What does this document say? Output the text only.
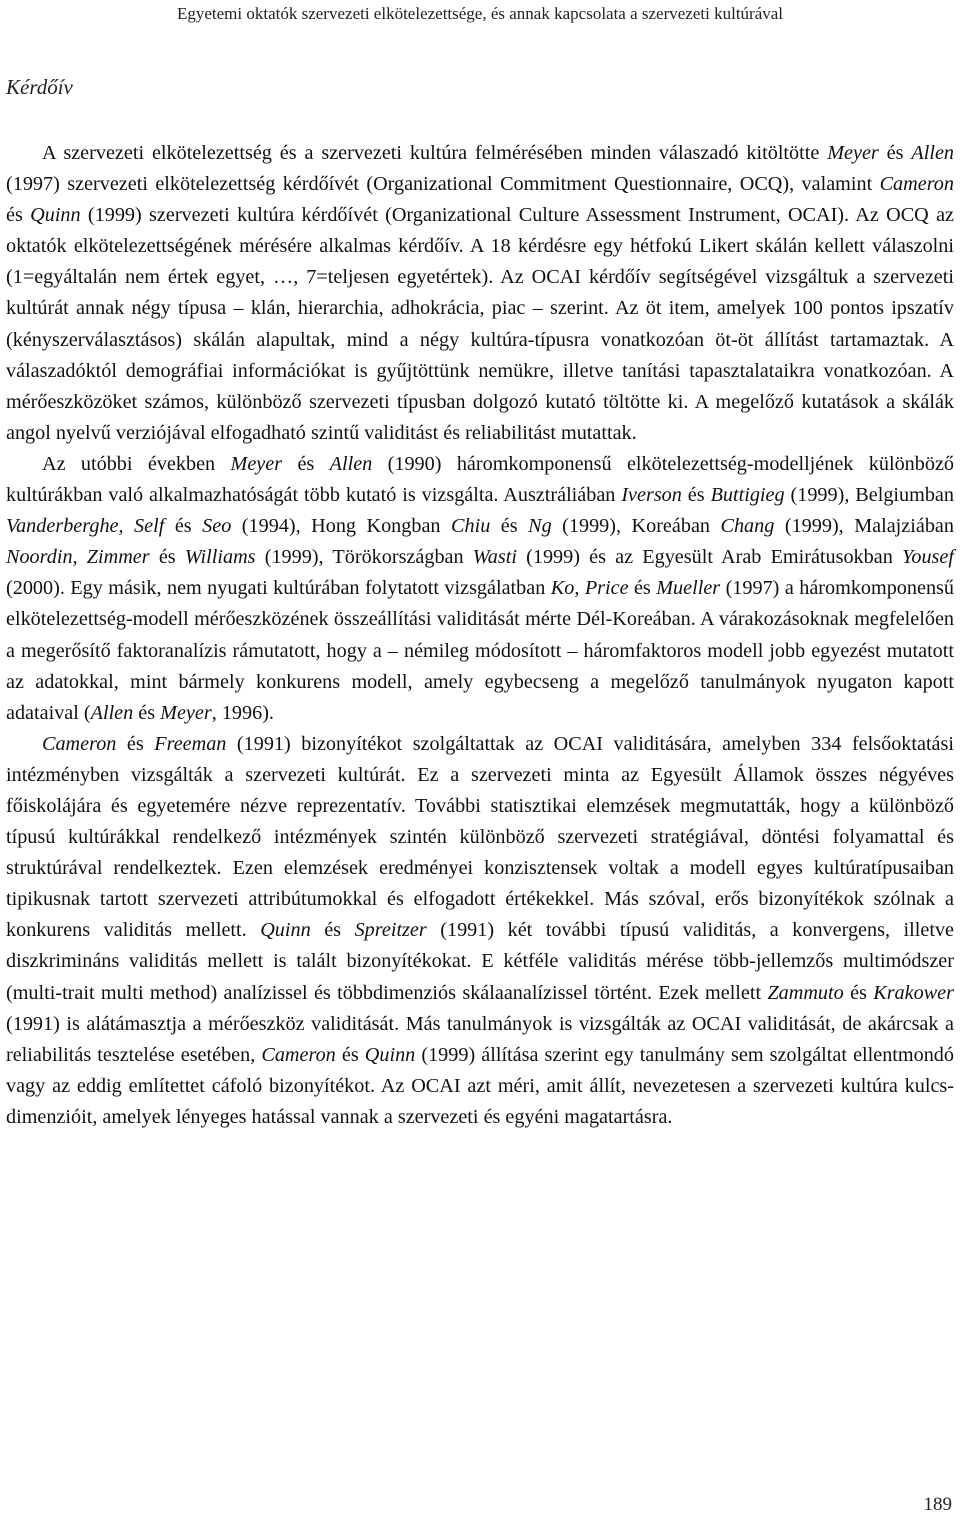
Egyetemi oktatók szervezeti elkötelezettsége, és annak kapcsolata a szervezeti kultúrával
Kérdőív

A szervezeti elkötelezettség és a szervezeti kultúra felmérésében minden válaszadó kitöltötte Meyer és Allen (1997) szervezeti elkötelezettség kérdőívét (Organizational Commitment Questionnaire, OCQ), valamint Cameron és Quinn (1999) szervezeti kultúra kérdőívét (Organizational Culture Assessment Instrument, OCAI). Az OCQ az oktatók elkötelezettségének mérésére alkalmas kérdőív. A 18 kérdésre egy hétfokú Likert skálán kellett válaszolni (1=egyáltalán nem értek egyet, …, 7=teljesen egyetértek). Az OCAI kérdőív segítségével vizsgáltuk a szervezeti kultúrát annak négy típusa – klán, hierarchia, adhokrácia, piac – szerint. Az öt item, amelyek 100 pontos ipszatív (kényszerválasztásos) skálán alapultak, mind a négy kultúra-típusra vonatkozóan öt-öt állítást tartamaztak. A válaszadóktól demográfiai információkat is gyűjtöttünk nemükre, illetve tanítási tapasztalataikra vonatkozóan. A mérőeszközöket számos, különböző szervezeti típusban dolgozó kutató töltötte ki. A megelőző kutatások a skálák angol nyelvű verziójával elfogadható szintű validitást és reliabilitást mutattak.

Az utóbbi években Meyer és Allen (1990) háromkomponensű elkötelezettség-modelljének különböző kultúrákban való alkalmazhatóságát több kutató is vizsgálta. Ausztráliában Iverson és Buttigieg (1999), Belgiumban Vanderberghe, Self és Seo (1994), Hong Kongban Chiu és Ng (1999), Koreában Chang (1999), Malajziában Noordin, Zimmer és Williams (1999), Törökországban Wasti (1999) és az Egyesült Arab Emirátusokban Yousef (2000). Egy másik, nem nyugati kultúrában folytatott vizsgálatban Ko, Price és Mueller (1997) a háromkomponensű elkötelezettség-modell mérőeszközének összeállítási validitását mérte Dél-Koreában. A várakozásoknak megfelelően a megerősítő faktoranalízis rámutatott, hogy a – némileg módosított – háromfaktoros modell jobb egyezést mutatott az adatokkal, mint bármely konkurens modell, amely egybecseng a megelőző tanulmányok nyugaton kapott adataival (Allen és Meyer, 1996).

Cameron és Freeman (1991) bizonyítékot szolgáltattak az OCAI validitására, amelyben 334 felsőoktatási intézményben vizsgálták a szervezeti kultúrát. Ez a szervezeti minta az Egyesült Államok összes négyéves főiskolájára és egyetemére nézve reprezentatív. További statisztikai elemzések megmutatták, hogy a különböző típusú kultúrákkal rendelkező intézmények szintén különböző szervezeti stratégiával, döntési folyamattal és struktúrával rendelkeztek. Ezen elemzések eredményei konzisztensek voltak a modell egyes kultúratípusaiban tipikusnak tartott szervezeti attribútumokkal és elfogadott értékekkel. Más szóval, erős bizonyítékok szólnak a konkurens validitás mellett. Quinn és Spreitzer (1991) két további típusú validitás, a konvergens, illetve diszkrimináns validitás mellett is talált bizonyítékokat. E kétféle validitás mérése több-jellemzős multimódszer (multi-trait multi method) analízissel és többdimenziós skálaanalízissel történt. Ezek mellett Zammuto és Krakower (1991) is alátámasztja a mérőeszköz validitását. Más tanulmányok is vizsgálták az OCAI validitását, de akárcsak a reliabilitás tesztelése esetében, Cameron és Quinn (1999) állítása szerint egy tanulmány sem szolgáltat ellentmondó vagy az eddig említettet cáfoló bizonyítékot. Az OCAI azt méri, amit állít, nevezetesen a szervezeti kultúra kulcs-dimenzióit, amelyek lényeges hatással vannak a szervezeti és egyéni magatartásra.

189
